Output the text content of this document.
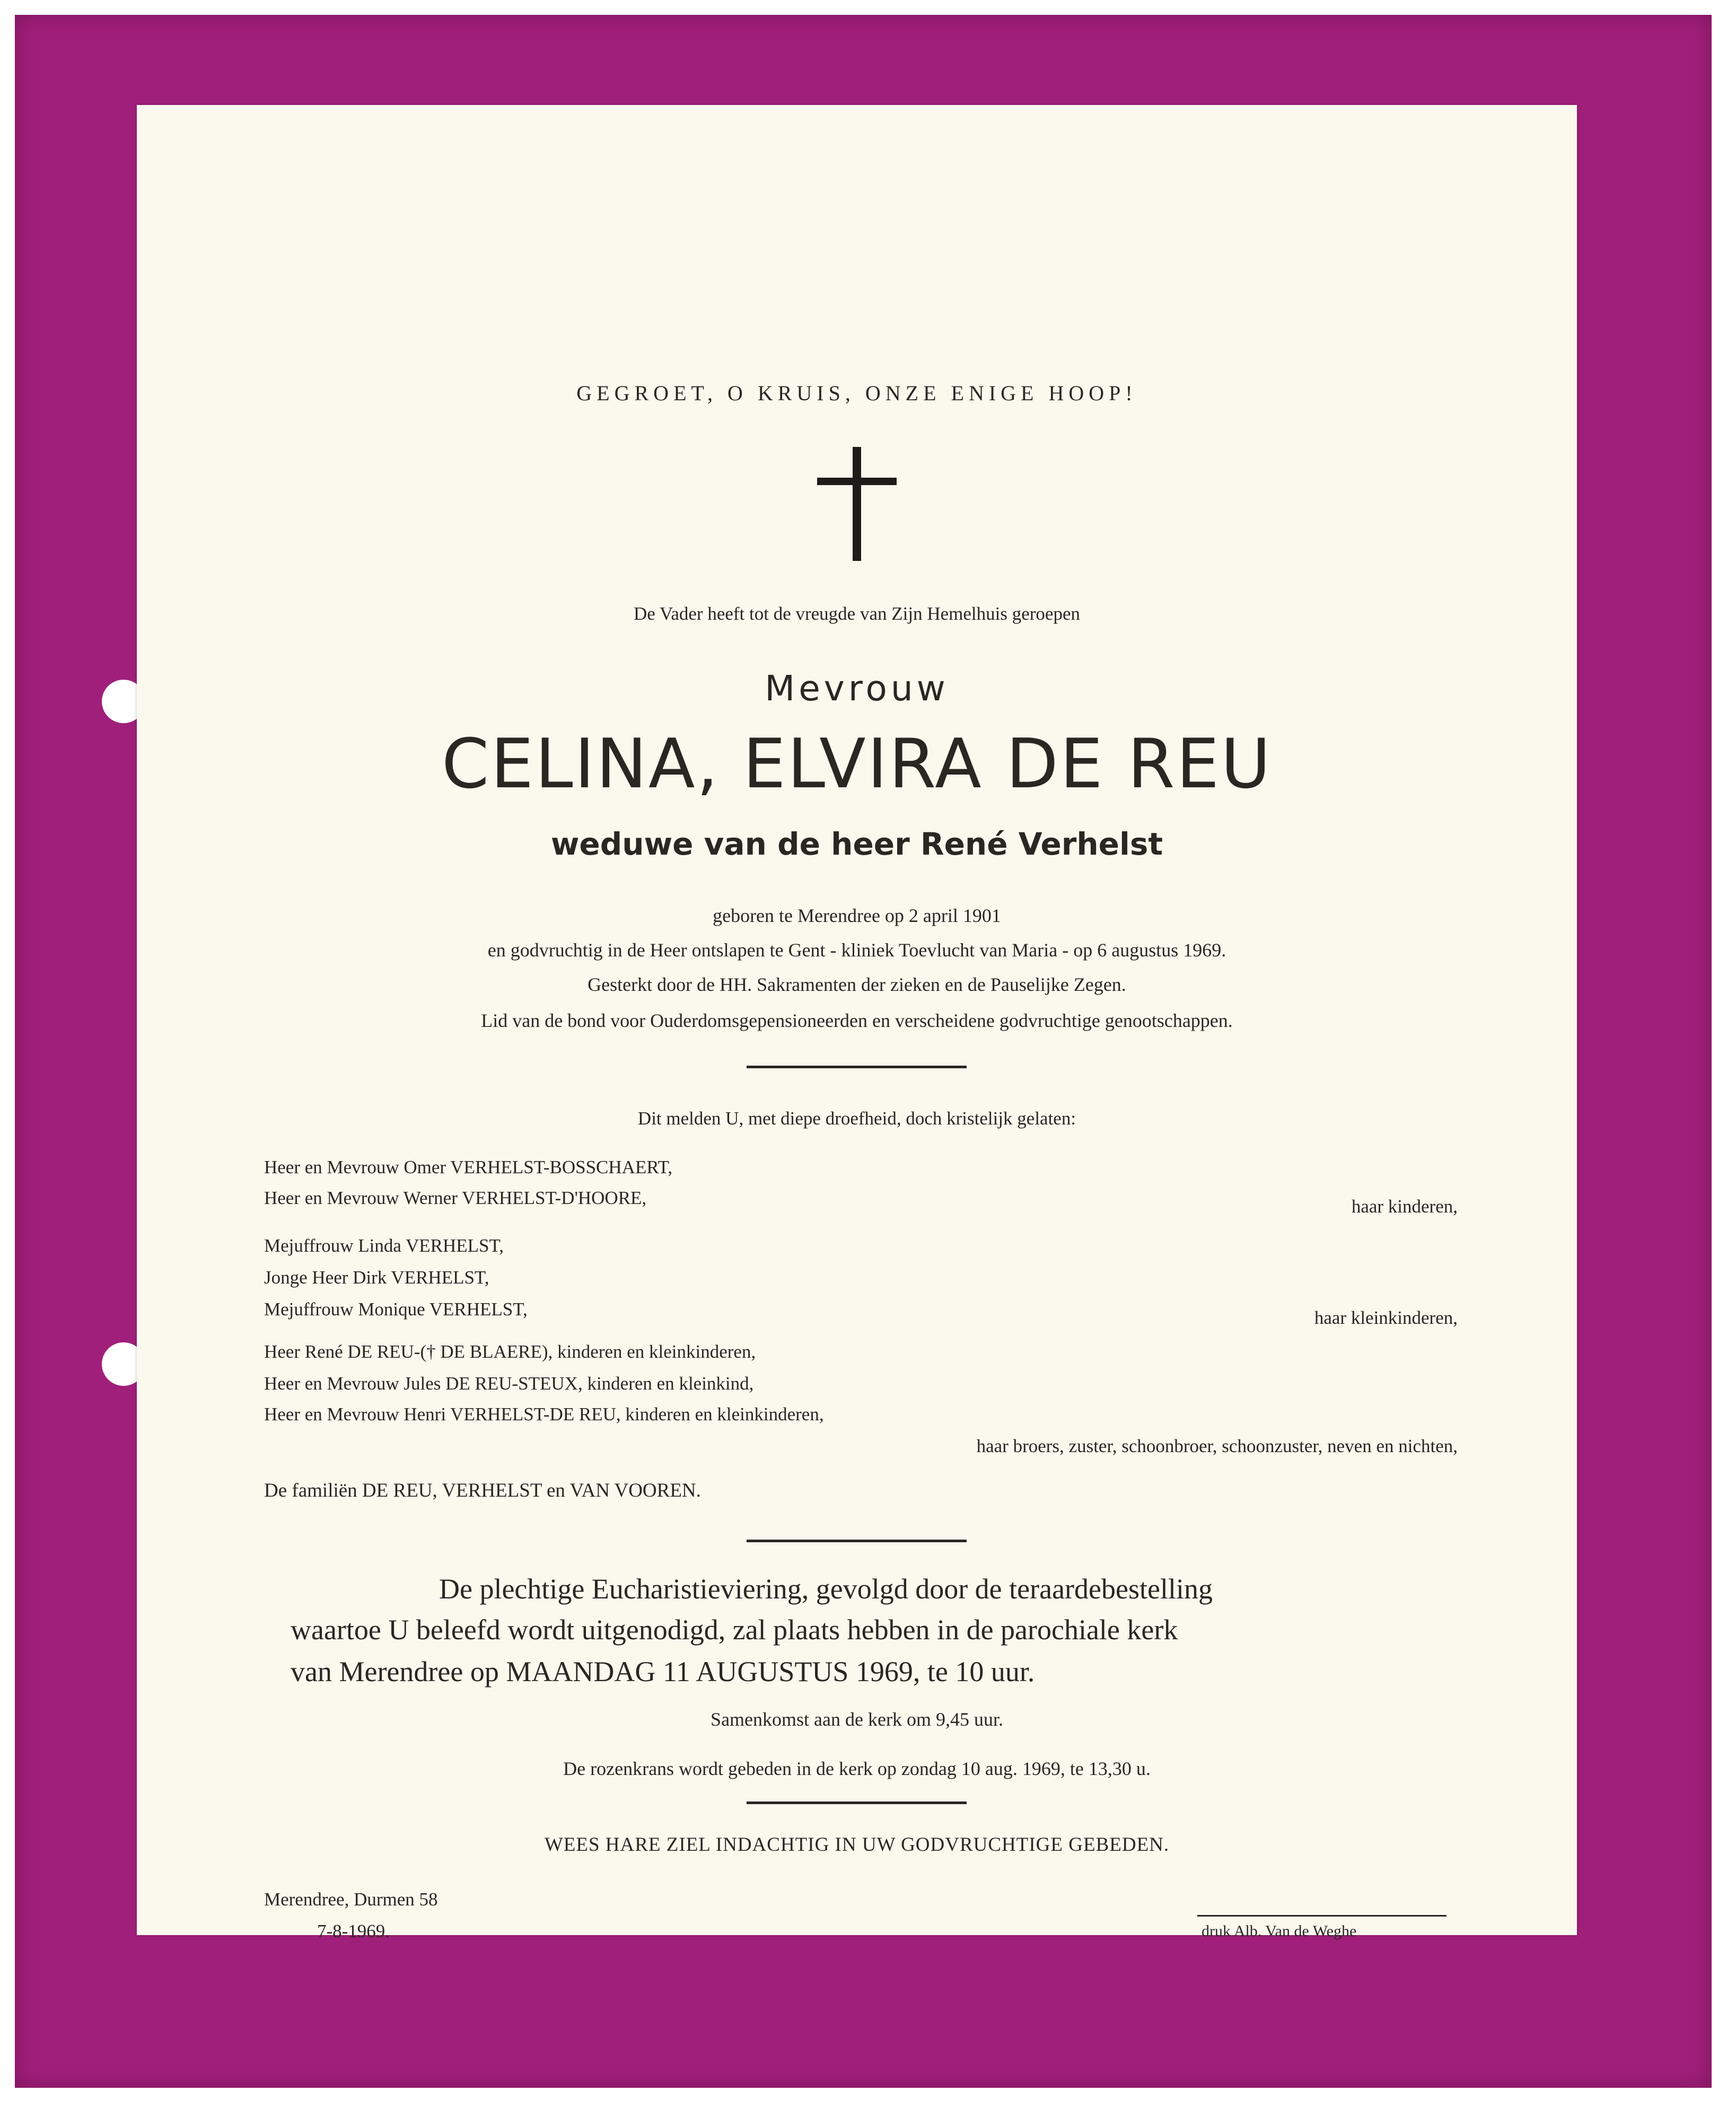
GEGROET, O KRUIS, ONZE ENIGE HOOP!
De Vader heeft tot de vreugde van Zijn Hemelhuis geroepen
Mevrouw
CELINA, ELVIRA DE REU
weduwe van de heer René Verhelst
geboren te Merendree op 2 april 1901
en godvruchtig in de Heer ontslapen te Gent - kliniek Toevlucht van Maria - op 6 augustus 1969.
Gesterkt door de HH. Sakramenten der zieken en de Pauselijke Zegen.
Lid van de bond voor Ouderdomsgepensioneerden en verscheidene godvruchtige genootschappen.
Dit melden U, met diepe droefheid, doch kristelijk gelaten:
Heer en Mevrouw Omer VERHELST-BOSSCHAERT,
Heer en Mevrouw Werner VERHELST-D'HOORE,	haar kinderen,
Mejuffrouw Linda VERHELST,
Jonge Heer Dirk VERHELST,
Mejuffrouw Monique VERHELST,	haar kleinkinderen,
Heer René DE REU-(† DE BLAERE), kinderen en kleinkinderen,
Heer en Mevrouw Jules DE REU-STEUX, kinderen en kleinkind,
Heer en Mevrouw Henri VERHELST-DE REU, kinderen en kleinkinderen,
haar broers, zuster, schoonbroer, schoonzuster, neven en nichten,
De familiën DE REU, VERHELST en VAN VOOREN.
De plechtige Eucharistieviering, gevolgd door de teraardebestelling
waartoe U beleefd wordt uitgenodigd, zal plaats hebben in de parochiale kerk
van Merendree op MAANDAG 11 AUGUSTUS 1969, te 10 uur.
Samenkomst aan de kerk om 9,45 uur.
De rozenkrans wordt gebeden in de kerk op zondag 10 aug. 1969, te 13,30 u.
WEES HARE ZIEL INDACHTIG IN UW GODVRUCHTIGE GEBEDEN.
Merendree, Durmen 58
7-8-1969.	druk Alb. Van de Weghe
